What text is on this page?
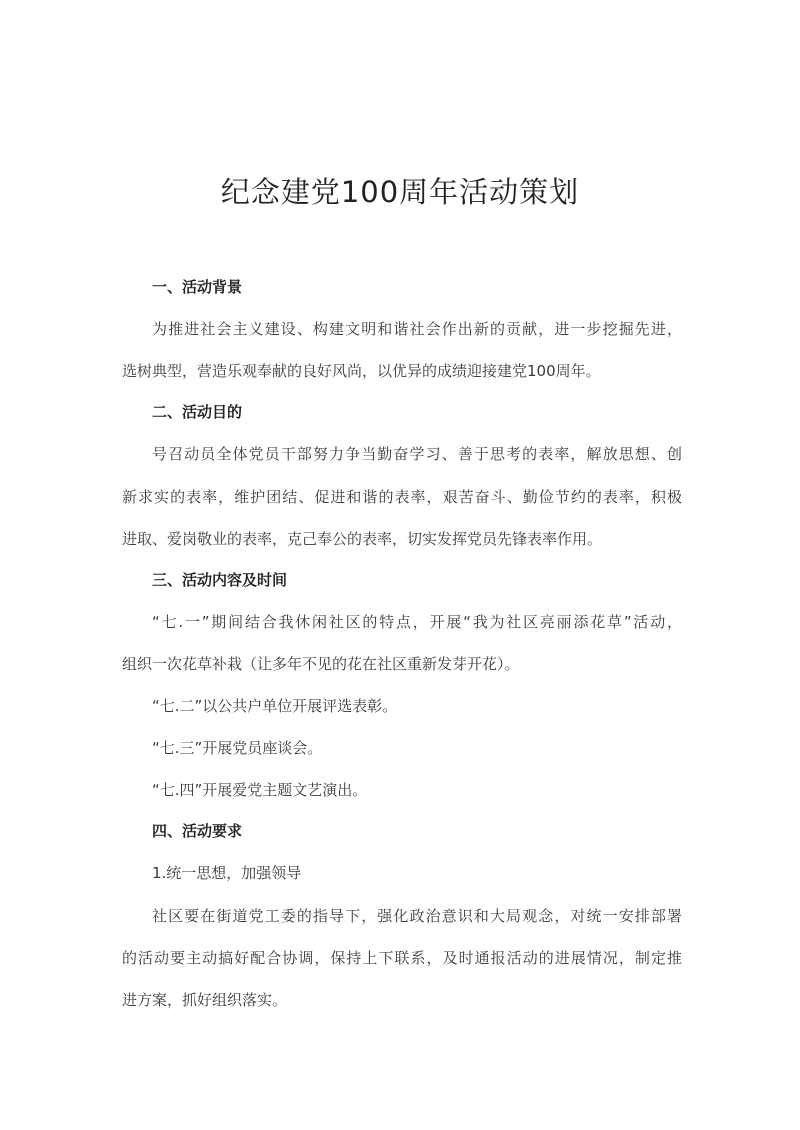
纪念建党100周年活动策划
一、活动背景
为推进社会主义建设、构建文明和谐社会作出新的贡献，进一步挖掘先进，
选树典型，营造乐观奉献的良好风尚，以优异的成绩迎接建党100周年。
二、活动目的
号召动员全体党员干部努力争当勤奋学习、善于思考的表率，解放思想、创
新求实的表率，维护团结、促进和谐的表率，艰苦奋斗、勤俭节约的表率，积极
进取、爱岗敬业的表率，克己奉公的表率，切实发挥党员先锋表率作用。
三、活动内容及时间
“七.一”期间结合我休闲社区的特点，开展“我为社区亮丽添花草”活动，
组织一次花草补栽（让多年不见的花在社区重新发芽开花）。
“七.二”以公共户单位开展评选表彰。
“七.三”开展党员座谈会。
“七.四”开展爱党主题文艺演出。
四、活动要求
1.统一思想，加强领导
社区要在街道党工委的指导下，强化政治意识和大局观念，对统一安排部署
的活动要主动搞好配合协调，保持上下联系，及时通报活动的进展情况，制定推
进方案，抓好组织落实。
